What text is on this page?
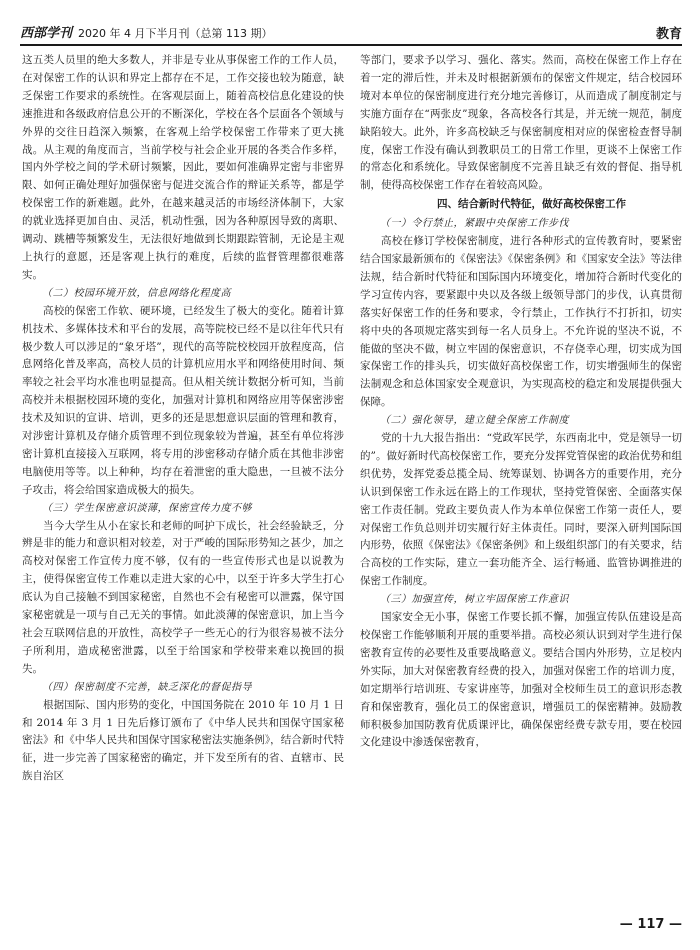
西部学刊 2020 年 4 月下半月刊（总第 113 期）	教育

这五类人员里的绝大多数人，并非是专业从事保密工作的工作人员，在对保密工作的认识和界定上都存在不足，工作交接也较为随意，缺乏保密工作要求的系统性。在客观层面上，随着高校信息化建设的快速推进和各级政府信息公开的不断深化，学校在各个层面各个领域与外界的交往日趋深入频繁，在客观上给学校保密工作带来了更大挑战。从主观的角度而言，当前学校与社会企业开展的各类合作多样，国内外学校之间的学术研讨频繁，因此，要如何准确界定密与非密界限、如何正确处理好加强保密与促进交流合作的辩证关系等，都是学校保密工作的新难题。此外，在越来越灵活的市场经济体制下，大家的就业选择更加自由、灵活，机动性强，因为各种原因导致的离职、调动、跳槽等频繁发生，无法很好地做到长期跟踪管制，无论是主观上执行的意愿，还是客观上执行的难度，后续的监督管理都很难落实。

（二）校园环境开放，信息网络化程度高

高校的保密工作软、硬环境，已经发生了极大的变化。随着计算机技术、多媒体技术和平台的发展，高等院校已经不是以往年代只有极少数人可以涉足的“象牙塔”，现代的高等院校校园开放程度高，信息网络化普及率高，高校人员的计算机应用水平和网络使用时间、频率较之社会平均水准也明显提高。但从相关统计数据分析可知，当前高校并未根据校园环境的变化，加强对计算机和网络应用等保密涉密技术及知识的宣讲、培训，更多的还是思想意识层面的管理和教育，对涉密计算机及存储介质管理不到位现象较为普遍，甚至有单位将涉密计算机直接接入互联网，将专用的涉密移动存储介质在其他非涉密电脑使用等等。以上种种，均存在着泄密的重大隐患，一旦被不法分子攻击，将会给国家造成极大的损失。

（三）学生保密意识淡薄，保密宣传力度不够

当今大学生从小在家长和老师的呵护下成长，社会经验缺乏，分辨是非的能力和意识相对较差，对于严峻的国际形势知之甚少，加之高校对保密工作宣传力度不够，仅有的一些宣传形式也是以说教为主，使得保密宣传工作难以走进大家的心中，以至于许多大学生打心底认为自己接触不到国家秘密，自然也不会有秘密可以泄露，保守国家秘密就是一项与自己无关的事情。如此淡薄的保密意识，加上当今社会互联网信息的开放性，高校学子一些无心的行为很容易被不法分子所利用，造成秘密泄露，以至于给国家和学校带来难以挽回的损失。

（四）保密制度不完善，缺乏深化的督促指导

根据国际、国内形势的变化，中国国务院在 2010 年 10 月 1 日和 2014 年 3 月 1 日先后修订颁布了《中华人民共和国保守国家秘密法》和《中华人民共和国保守国家秘密法实施条例》，结合新时代特征，进一步完善了国家秘密的确定，并下发至所有的省、直辖市、民族自治区

等部门，要求予以学习、强化、落实。然而，高校在保密工作上存在着一定的滞后性，并未及时根据新颁布的保密文件规定，结合校园环境对本单位的保密制度进行充分地完善修订，从而造成了制度制定与实施方面存在“两张皮”现象，各高校各行其是，并无统一规范，制度缺陷较大。此外，许多高校缺乏与保密制度相对应的保密检查督导制度，保密工作没有确认到教职员工的日常工作里，更谈不上保密工作的常态化和系统化。导致保密制度不完善且缺乏有效的督促、指导机制，使得高校保密工作存在着较高风险。

四、结合新时代特征，做好高校保密工作

（一）令行禁止，紧跟中央保密工作步伐

高校在修订学校保密制度，进行各种形式的宣传教育时，要紧密结合国家最新颁布的《保密法》《保密条例》和《国家安全法》等法律法规，结合新时代特征和国际国内环境变化，增加符合新时代变化的学习宣传内容，要紧跟中央以及各级上级领导部门的步伐，认真贯彻落实好保密工作的任务和要求，令行禁止，工作执行不打折扣，切实将中央的各项规定落实到每一名人员身上。不允许说的坚决不说，不能做的坚决不做，树立牢固的保密意识，不存侥幸心理，切实成为国家保密工作的排头兵，切实做好高校保密工作，切实增强师生的保密法制观念和总体国家安全观意识，为实现高校的稳定和发展提供强大保障。

（二）强化领导，建立健全保密工作制度

党的十九大报告指出：“党政军民学，东西南北中，党是领导一切的”。做好新时代高校保密工作，要充分发挥党管保密的政治优势和组织优势，发挥党委总揽全局、统筹谋划、协调各方的重要作用，充分认识到保密工作永远在路上的工作现状，坚持党管保密、全面落实保密工作责任制。党政主要负责人作为本单位保密工作第一责任人，要对保密工作负总则并切实履行好主体责任。同时，要深入研判国际国内形势，依照《保密法》《保密条例》和上级组织部门的有关要求，结合高校的工作实际，建立一套功能齐全、运行畅通、监管协调推进的保密工作制度。

（三）加强宣传，树立牢固保密工作意识

国家安全无小事，保密工作要长抓不懈，加强宣传队伍建设是高校保密工作能够顺利开展的重要举措。高校必须认识到对学生进行保密教育宣传的必要性及重要战略意义。要结合国内外形势，立足校内外实际，加大对保密教育经费的投入，加强对保密工作的培训力度，如定期举行培训班、专家讲座等，加强对全校师生员工的意识形态教育和保密教育，强化员工的保密意识，增强员工的保密精神。鼓励教师积极参加国防教育优质课评比，确保保密经费专款专用，要在校园文化建设中渗透保密教育，

— 117 —
